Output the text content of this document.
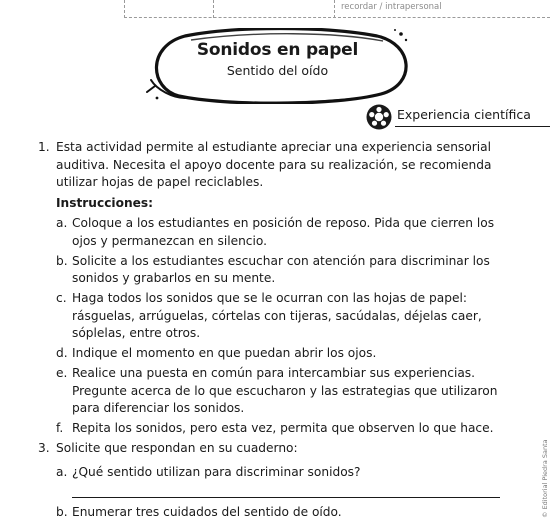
recordar / intrapersonal
Sonidos en papel
Sentido del oído
Experiencia científica
1. Esta actividad permite al estudiante apreciar una experiencia sensorial auditiva. Necesita el apoyo docente para su realización, se recomienda utilizar hojas de papel reciclables.
Instrucciones:
a. Coloque a los estudiantes en posición de reposo. Pida que cierren los ojos y permanezcan en silencio.
b. Solicite a los estudiantes escuchar con atención para discriminar los sonidos y grabarlos en su mente.
c. Haga todos los sonidos que se le ocurran con las hojas de papel: rásguelas, arrúguelas, córtelas con tijeras, sacúdalas, déjelas caer, sóplelas, entre otros.
d. Indique el momento en que puedan abrir los ojos.
e. Realice una puesta en común para intercambiar sus experiencias. Pregunte acerca de lo que escucharon y las estrategias que utilizaron para diferenciar los sonidos.
f. Repita los sonidos, pero esta vez, permita que observen lo que hace.
3. Solicite que respondan en su cuaderno:
a. ¿Qué sentido utilizan para discriminar sonidos?
b. Enumerar tres cuidados del sentido de oído.	© Editorial Piedra Santa
